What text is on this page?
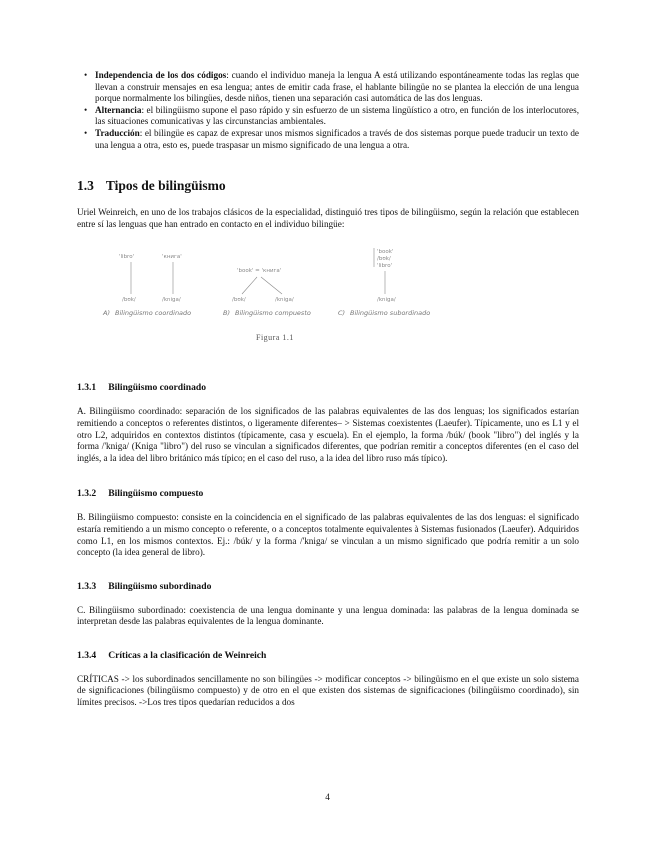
• Independencia de los dos códigos: cuando el individuo maneja la lengua A está utilizando espontáneamente todas las reglas que llevan a construir mensajes en esa lengua; antes de emitir cada frase, el hablante bilingüe no se plantea la elección de una lengua porque normalmente los bilingües, desde niños, tienen una separación casi automática de las dos lenguas.
• Alternancia: el bilingüismo supone el paso rápido y sin esfuerzo de un sistema lingüístico a otro, en función de los interlocutores, las situaciones comunicativas y las circunstancias ambientales.
• Traducción: el bilingüe es capaz de expresar unos mismos significados a través de dos sistemas porque puede traducir un texto de una lengua a otra, esto es, puede traspasar un mismo significado de una lengua a otra.
1.3 Tipos de bilingüismo

Uriel Weinreich, en uno de los trabajos clásicos de la especialidad, distinguió tres tipos de bilingüismo, según la relación que establecen entre sí las lenguas que han entrado en contacto en el individuo bilingüe:

'libro'	'книга'
/bʊk/	/kniga/
A) Bilingüismo coordinado
'book' = 'книга'
/bʊk/	/kniga/
B) Bilingüismo compuesto
'book'
/bʊk/
'libro'
/kniga/
C) Bilingüismo subordinado
Figura 1.1
1.3.1 Bilingüismo coordinado

A. Bilingüismo coordinado: separación de los significados de las palabras equivalentes de las dos lenguas; los significados estarían remitiendo a conceptos o referentes distintos, o ligeramente diferentes– > Sistemas coexistentes (Laeufer). Típicamente, uno es L1 y el otro L2, adquiridos en contextos distintos (típicamente, casa y escuela). En el ejemplo, la forma /búk/ (book "libro") del inglés y la forma /'kniga/ (Kniga "libro") del ruso se vinculan a significados diferentes, que podrían remitir a conceptos diferentes (en el caso del inglés, a la idea del libro británico más típico; en el caso del ruso, a la idea del libro ruso más típico).

1.3.2 Bilingüismo compuesto

B. Bilingüismo compuesto: consiste en la coincidencia en el significado de las palabras equivalentes de las dos lenguas: el significado estaría remitiendo a un mismo concepto o referente, o a conceptos totalmente equivalentes à Sistemas fusionados (Laeufer). Adquiridos como L1, en los mismos contextos. Ej.: /búk/ y la forma /'kniga/ se vinculan a un mismo significado que podría remitir a un solo concepto (la idea general de libro).

1.3.3 Bilingüismo subordinado

C. Bilingüismo subordinado: coexistencia de una lengua dominante y una lengua dominada: las palabras de la lengua dominada se interpretan desde las palabras equivalentes de la lengua dominante.

1.3.4 Críticas a la clasificación de Weinreich

CRÍTICAS -> los subordinados sencillamente no son bilingües -> modificar conceptos -> bilingüismo en el que existe un solo sistema de significaciones (bilingüismo compuesto) y de otro en el que existen dos sistemas de significaciones (bilingüismo coordinado), sin límites precisos. ->Los tres tipos quedarían reducidos a dos

4
